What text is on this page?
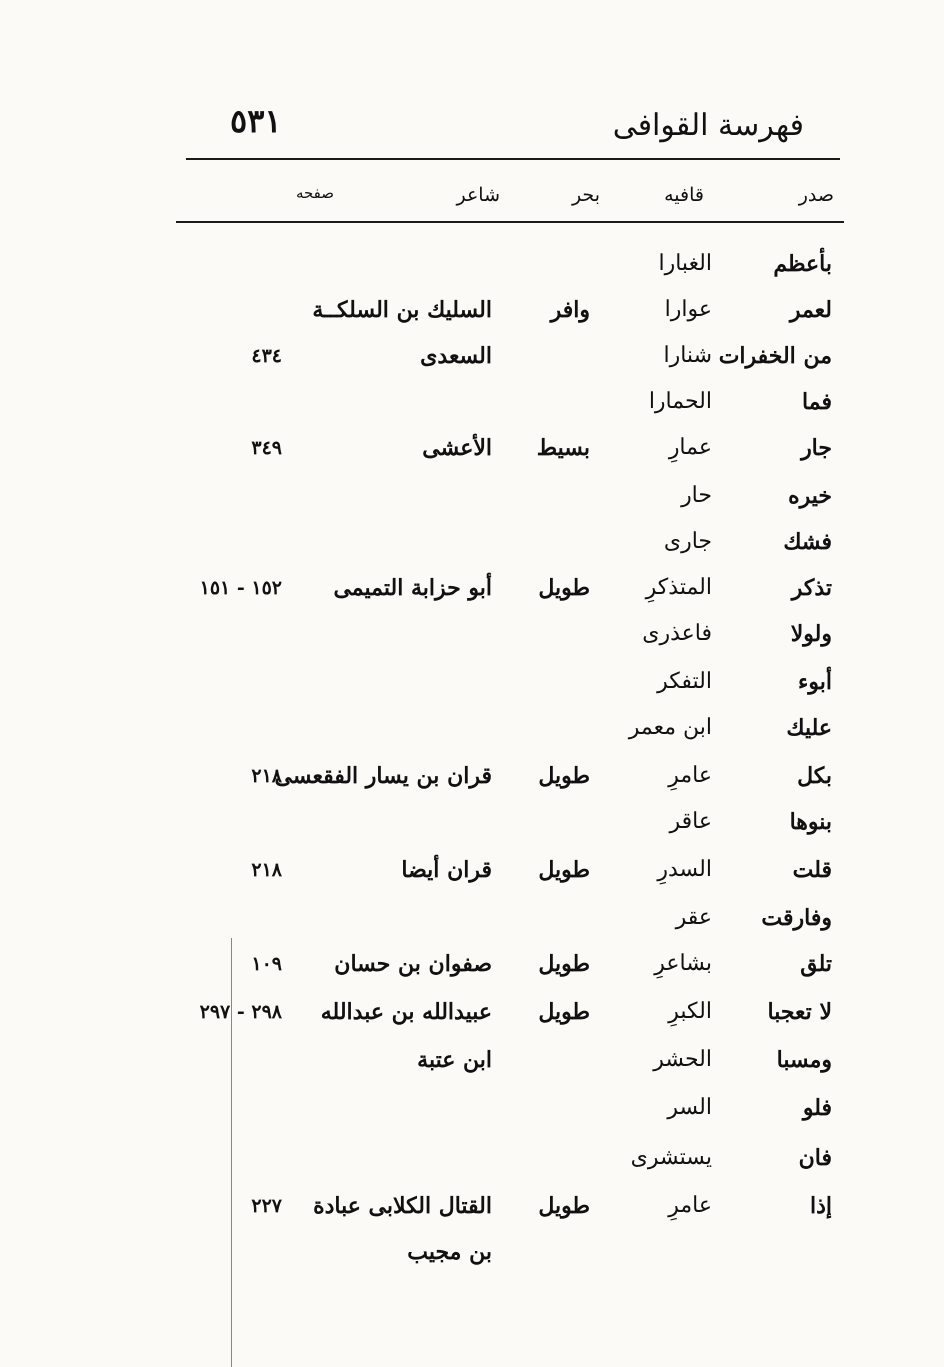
فهرسة القوافى
٥٣١
صدر
قافيه
بحر
شاعر
صفحه
بأعظم
الغبارا
لعمر
عوارا
وافر
السليك بن السلكــة
من الخفرات
شنارا
السعدى
٤٣٤
فما
الحمارا
جار
عمارِ
بسيط
الأعشى
٣٤٩
خيره
حار
فشك
جارى
تذكر
المتذكرِ
طويل
أبو حزابة التميمى
١٥٢ - ١٥١
ولولا
فاعذرى
أبوء
التفكر
عليك
ابن معمر
بكل
عامرِ
طويل
قران بن يسار الفقعسى
٢١٨
بنوها
عاقر
قلت
السدرِ
طويل
قران أيضا
٢١٨
وفارقت
عقر
تلق
بشاعرِ
طويل
صفوان بن حسان
١٠٩
لا تعجبا
الكبرِ
طويل
عبيدالله بن عبدالله
٢٩٨ - ٢٩٧
ومسبا
الحشر
ابن عتبة
فلو
السر
فان
يستشرى
إذا
عامرِ
طويل
القتال الكلابى عبادة
٢٢٧
بن مجيب
